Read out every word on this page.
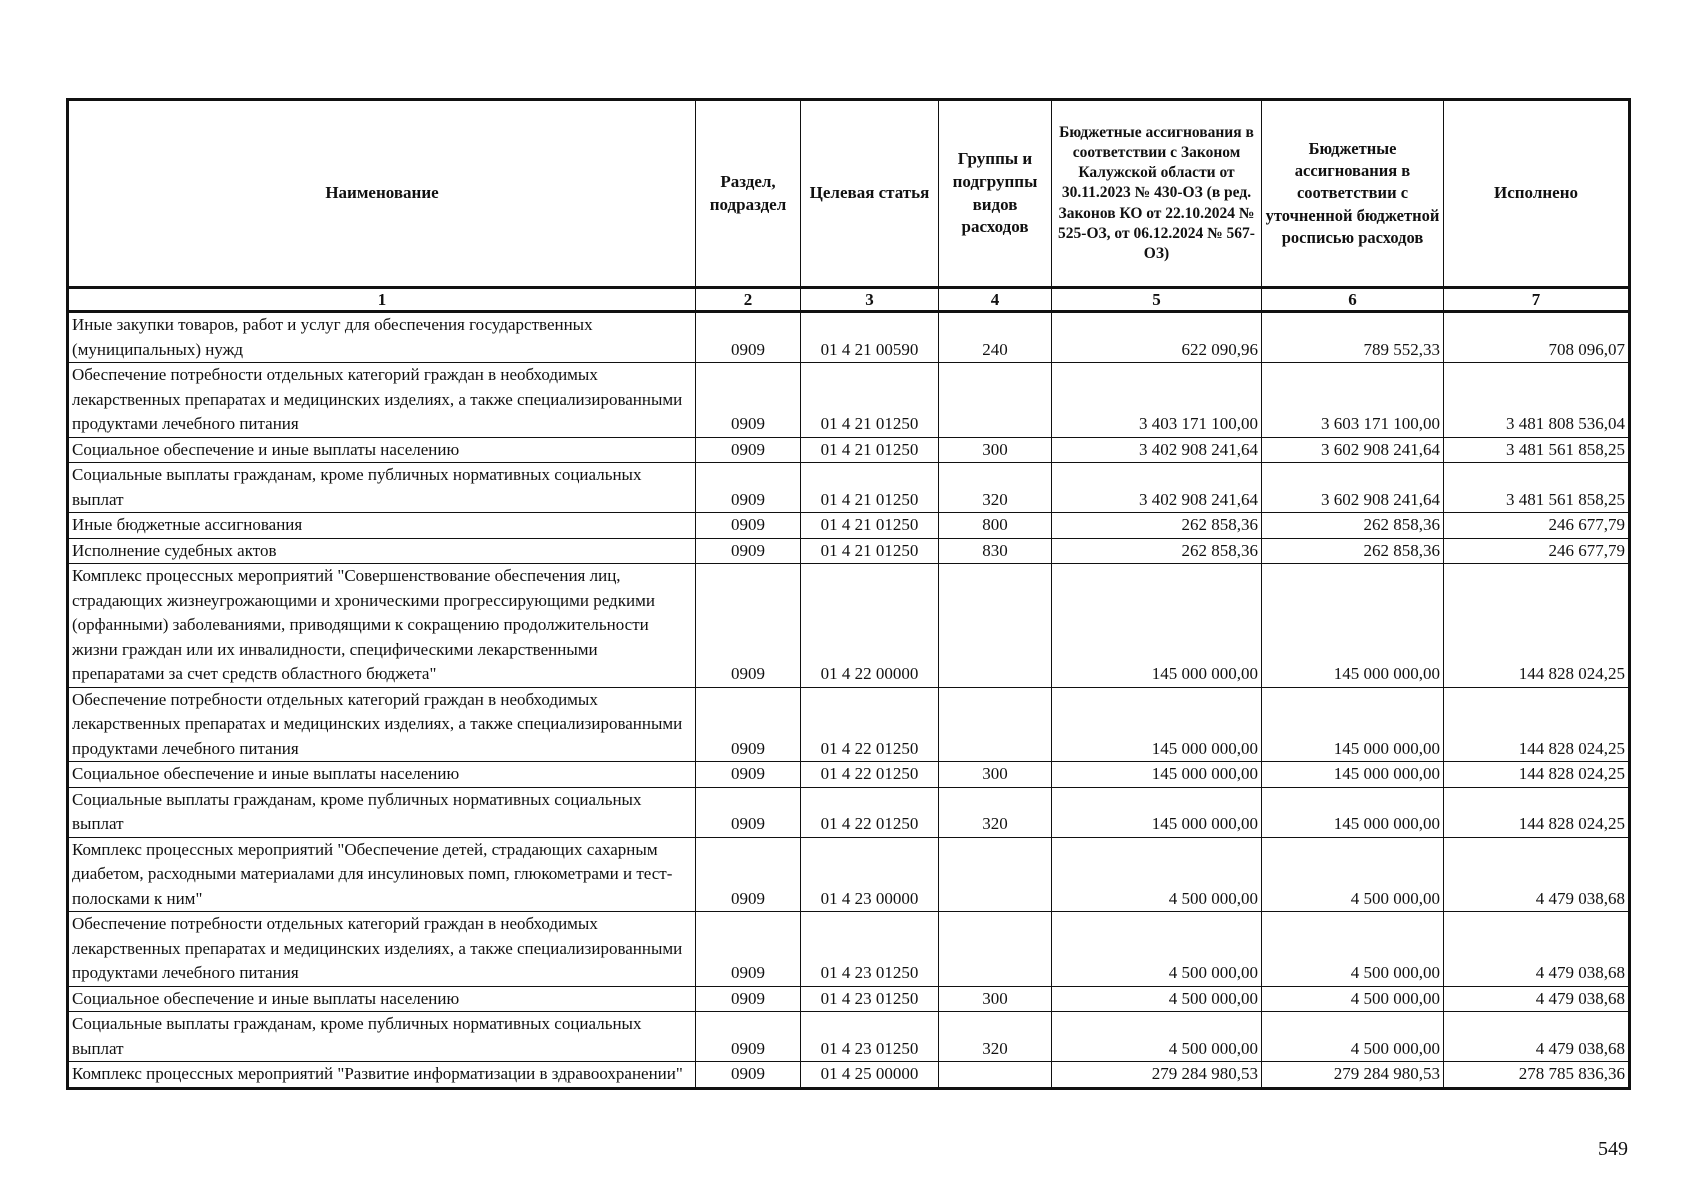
Наименование	Раздел, подраздел	Целевая статья	Группы и подгруппы видов расходов	Бюджетные ассигнования в соответствии с Законом Калужской области от 30.11.2023 № 430-ОЗ (в ред. Законов КО от 22.10.2024 № 525-ОЗ, от 06.12.2024 № 567-ОЗ)	Бюджетные ассигнования в соответствии с уточненной бюджетной росписью расходов	Исполнено
1	2	3	4	5	6	7
Иные закупки товаров, работ и услуг для обеспечения государственных (муниципальных) нужд	0909	01 4 21 00590	240	622 090,96	789 552,33	708 096,07
Обеспечение потребности отдельных категорий граждан в необходимых лекарственных препаратах и медицинских изделиях, а также специализированными продуктами лечебного питания	0909	01 4 21 01250		3 403 171 100,00	3 603 171 100,00	3 481 808 536,04
Социальное обеспечение и иные выплаты населению	0909	01 4 21 01250	300	3 402 908 241,64	3 602 908 241,64	3 481 561 858,25
Социальные выплаты гражданам, кроме публичных нормативных социальных выплат	0909	01 4 21 01250	320	3 402 908 241,64	3 602 908 241,64	3 481 561 858,25
Иные бюджетные ассигнования	0909	01 4 21 01250	800	262 858,36	262 858,36	246 677,79
Исполнение судебных актов	0909	01 4 21 01250	830	262 858,36	262 858,36	246 677,79
Комплекс процессных мероприятий "Совершенствование обеспечения лиц, страдающих жизнеугрожающими и хроническими прогрессирующими редкими (орфанными) заболеваниями, приводящими к сокращению продолжительности жизни граждан или их инвалидности, специфическими лекарственными препаратами за счет средств областного бюджета"	0909	01 4 22 00000		145 000 000,00	145 000 000,00	144 828 024,25
Обеспечение потребности отдельных категорий граждан в необходимых лекарственных препаратах и медицинских изделиях, а также специализированными продуктами лечебного питания	0909	01 4 22 01250		145 000 000,00	145 000 000,00	144 828 024,25
Социальное обеспечение и иные выплаты населению	0909	01 4 22 01250	300	145 000 000,00	145 000 000,00	144 828 024,25
Социальные выплаты гражданам, кроме публичных нормативных социальных выплат	0909	01 4 22 01250	320	145 000 000,00	145 000 000,00	144 828 024,25
Комплекс процессных мероприятий "Обеспечение детей, страдающих сахарным диабетом, расходными материалами для инсулиновых помп, глюкометрами и тест-полосками к ним"	0909	01 4 23 00000		4 500 000,00	4 500 000,00	4 479 038,68
Обеспечение потребности отдельных категорий граждан в необходимых лекарственных препаратах и медицинских изделиях, а также специализированными продуктами лечебного питания	0909	01 4 23 01250		4 500 000,00	4 500 000,00	4 479 038,68
Социальное обеспечение и иные выплаты населению	0909	01 4 23 01250	300	4 500 000,00	4 500 000,00	4 479 038,68
Социальные выплаты гражданам, кроме публичных нормативных социальных выплат	0909	01 4 23 01250	320	4 500 000,00	4 500 000,00	4 479 038,68
Комплекс процессных мероприятий "Развитие информатизации в здравоохранении"	0909	01 4 25 00000		279 284 980,53	279 284 980,53	278 785 836,36
549
